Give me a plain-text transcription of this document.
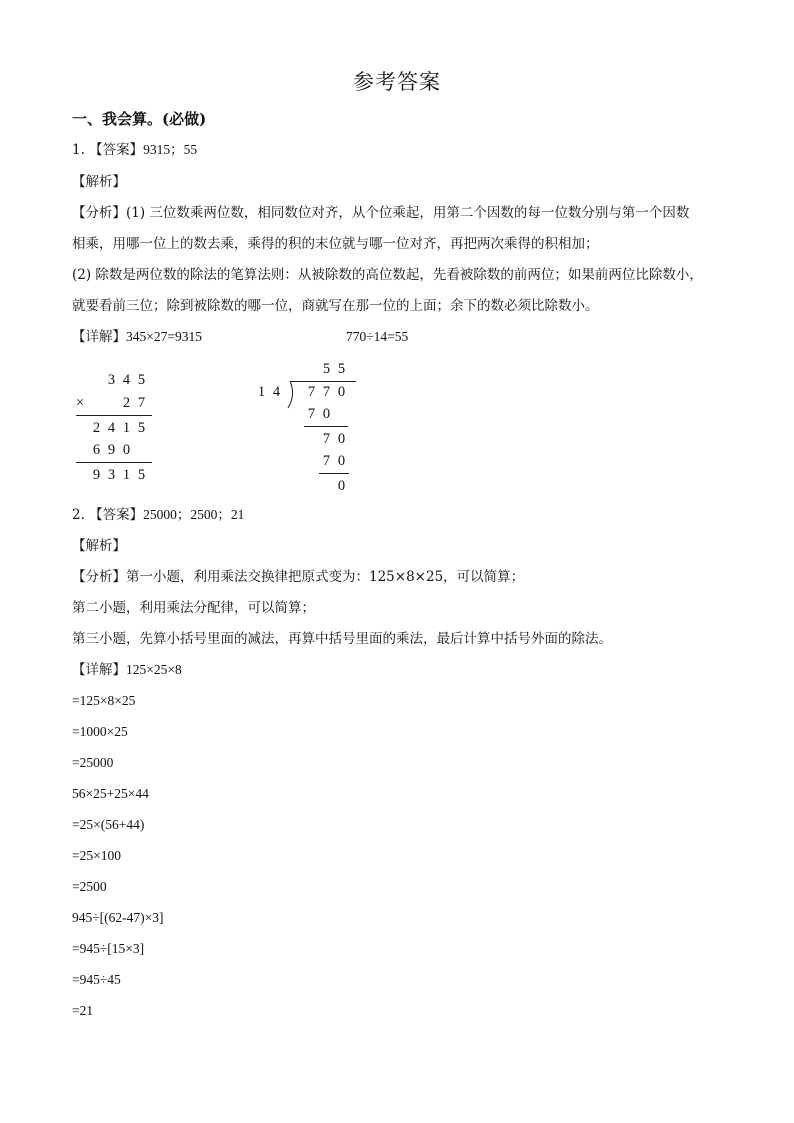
参考答案
一、我会算。(必做)
1. 【答案】9315；55
【解析】
【分析】(1) 三位数乘两位数，相同数位对齐，从个位乘起，用第二个因数的每一位数分别与第一个因数
相乘，用哪一位上的数去乘，乘得的积的末位就与哪一位对齐，再把两次乘得的积相加；
(2) 除数是两位数的除法的笔算法则：从被除数的高位数起，先看被除数的前两位；如果前两位比除数小，
就要看前三位；除到被除数的哪一位，商就写在那一位的上面；余下的数必须比除数小。
【详解】345×27=9315	770÷14=55
3 4 5
×	2 7
2 4 1 5
6 9 0
9 3 1 5
5 5
1 4 7 7 0
7 0
7 0
7 0
0
2. 【答案】25000；2500；21
【解析】
【分析】第一小题，利用乘法交换律把原式变为：125×8×25，可以简算；
第二小题，利用乘法分配律，可以简算；
第三小题，先算小括号里面的减法，再算中括号里面的乘法，最后计算中括号外面的除法。
【详解】125×25×8
=125×8×25
=1000×25
=25000
56×25+25×44
=25×(56+44)
=25×100
=2500
945÷[(62-47)×3]
=945÷[15×3]
=945÷45
=21
